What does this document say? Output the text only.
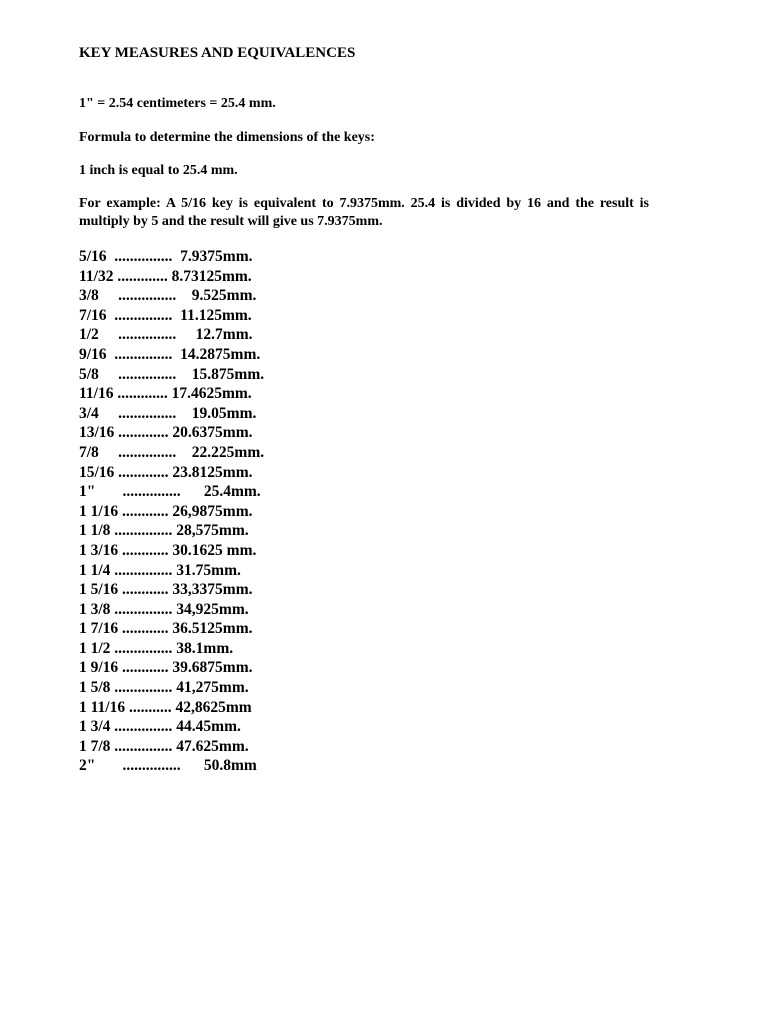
KEY MEASURES AND EQUIVALENCES

1" = 2.54 centimeters = 25.4 mm.

Formula to determine the dimensions of the keys:

1 inch is equal to 25.4 mm.

For example: A 5/16 key is equivalent to 7.9375mm. 25.4 is divided by 16 and the result is multiply by 5 and the result will give us 7.9375mm.

5/16  ...............  7.9375mm.
11/32 ............. 8.73125mm.
3/8     ...............    9.525mm.
7/16  ...............  11.125mm.
1/2     ...............     12.7mm.
9/16  ...............  14.2875mm.
5/8     ...............    15.875mm.
11/16 ............. 17.4625mm.
3/4     ...............    19.05mm.
13/16 ............. 20.6375mm.
7/8     ...............    22.225mm.
15/16 ............. 23.8125mm.
1"       ...............      25.4mm.
1 1/16 ............ 26,9875mm.
1 1/8 ............... 28,575mm.
1 3/16 ............ 30.1625 mm.
1 1/4 ............... 31.75mm.
1 5/16 ............ 33,3375mm.
1 3/8 ............... 34,925mm.
1 7/16 ............ 36.5125mm.
1 1/2 ............... 38.1mm.
1 9/16 ............ 39.6875mm.
1 5/8 ............... 41,275mm.
1 11/16 ........... 42,8625mm
1 3/4 ............... 44.45mm.
1 7/8 ............... 47.625mm.
2"       ...............      50.8mm
